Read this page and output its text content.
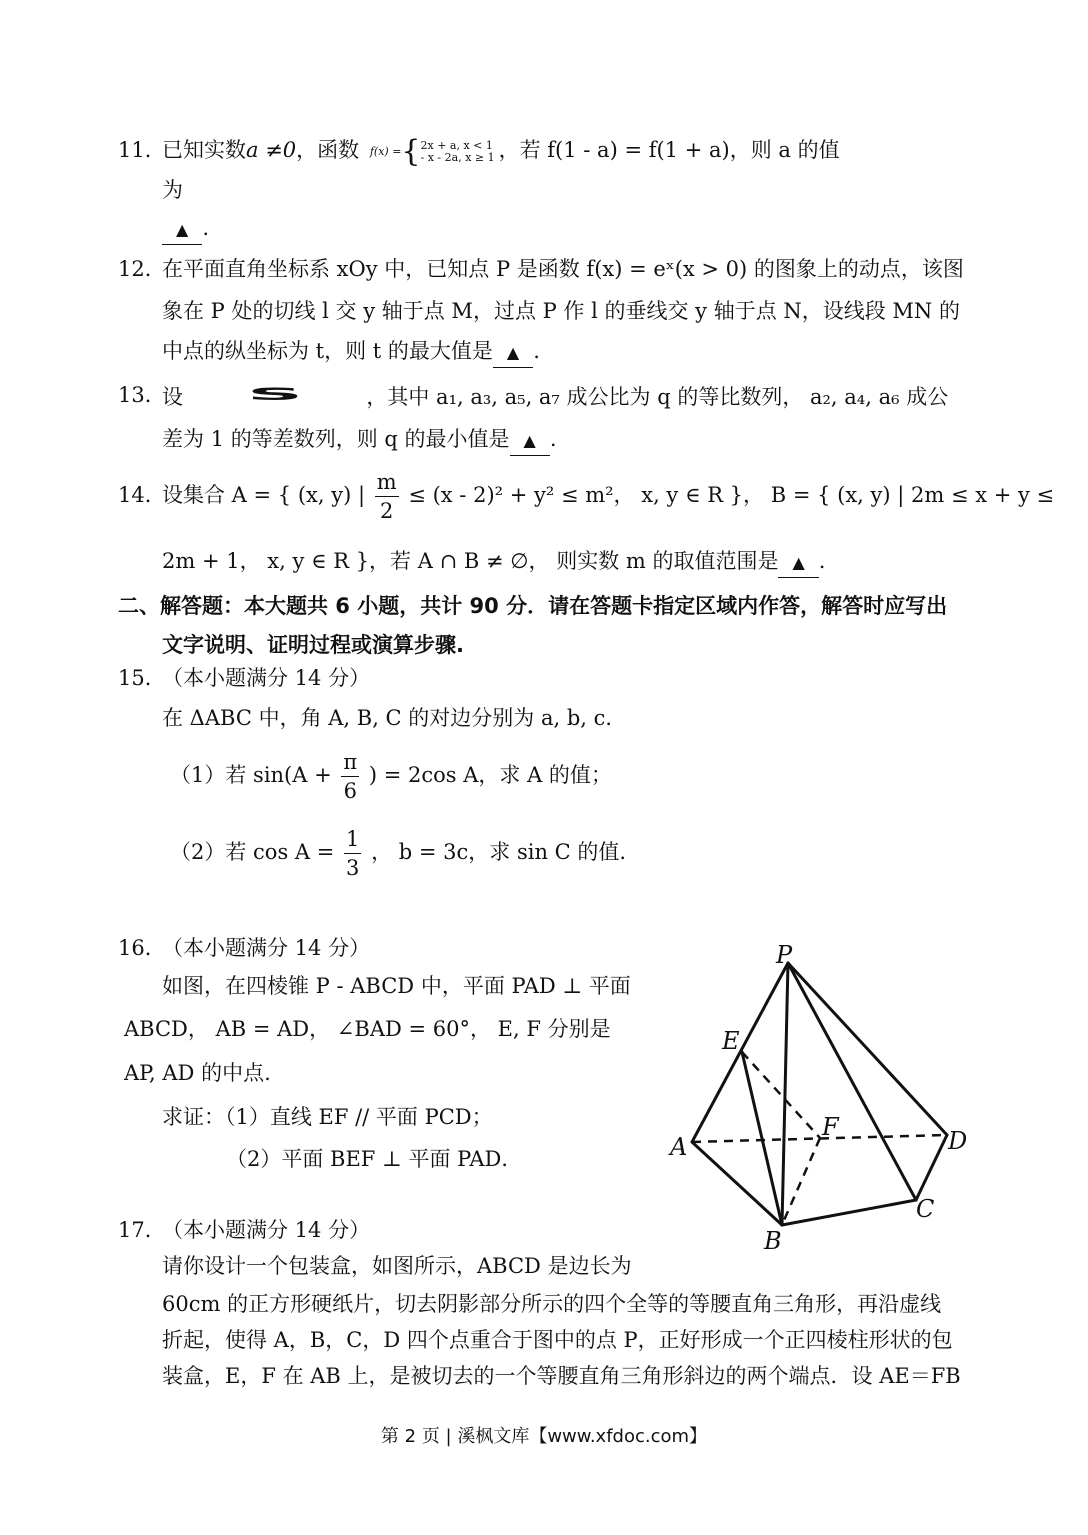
11．
已知实数a ≠0，函数 f(x) ={ 2x + a, x < 1
- x - 2a, x ≥ 1 ，若 f(1 - a) = f(1 + a)，则 a 的值
为
▲ .
12．
在平面直角坐标系 xOy 中，已知点 P 是函数 f(x) = eˣ(x > 0) 的图象上的动点，该图
象在 P 处的切线 l 交 y 轴于点 M，过点 P 作 l 的垂线交 y 轴于点 N，设线段 MN 的
中点的纵坐标为 t，则 t 的最大值是 ▲ .
13．
设 S	，其中 a₁, a₃, a₅, a₇ 成公比为 q 的等比数列， a₂, a₄, a₆ 成公
差为 1 的等差数列，则 q 的最小值是 ▲ .
14．
设集合 A = { (x, y) | $\frac{m}{2} \le (x - 2)^2 + y^2 \le m^2$， x, y ∈ R }， B = { (x, y) | 2m ≤ x + y ≤
2m + 1， x, y ∈ R }，若 A ∩ B ≠ ∅， 则实数 m 的取值范围是 ▲ .
二、解答题：本大题共 6 小题，共计 90 分．请在答题卡指定区域内作答，解答时应写出
文字说明、证明过程或演算步骤.
15．
（本小题满分 14 分）
在 ΔABC 中，角 A, B, C 的对边分别为 a, b, c．
（1）若 $\sin(A + \frac{\pi}{6}$ ) = 2cos A，求 A 的值；
（2）若 $\cos A = \frac{1}{3}$ ， b = 3c，求 sin C 的值.
16．
（本小题满分 14 分）
如图，在四棱锥 P - ABCD 中，平面 PAD ⊥ 平面
ABCD， AB = AD， ∠BAD = 60°， E, F 分别是
AP, AD 的中点.
求证：（1）直线 EF // 平面 PCD；
（2）平面 BEF ⊥ 平面 PAD．
P
E
F
A	D
C
B
17．
（本小题满分 14 分）
请你设计一个包装盒，如图所示，ABCD 是边长为
60cm 的正方形硬纸片，切去阴影部分所示的四个全等的等腰直角三角形，再沿虚线
折起，使得 A，B，C，D 四个点重合于图中的点 P，正好形成一个正四棱柱形状的包
装盒，E，F 在 AB 上，是被切去的一个等腰直角三角形斜边的两个端点．设 AE＝FB
第 2 页 | 溪枫文库【www.xfdoc.com】
